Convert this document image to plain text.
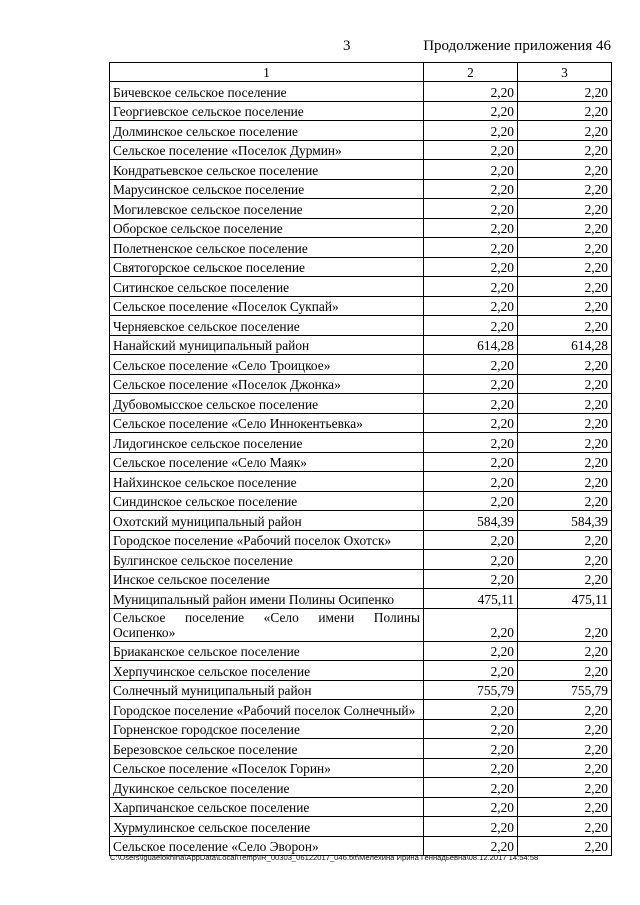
3	Продолжение приложения 46
1	2	3
Бичевское сельское поселение	2,20	2,20
Георгиевское сельское поселение	2,20	2,20
Долминское сельское поселение	2,20	2,20
Сельское поселение «Поселок Дурмин»	2,20	2,20
Кондратьевское сельское поселение	2,20	2,20
Марусинское сельское поселение	2,20	2,20
Могилевское сельское поселение	2,20	2,20
Оборское сельское поселение	2,20	2,20
Полетненское сельское поселение	2,20	2,20
Святогорское сельское поселение	2,20	2,20
Ситинское сельское поселение	2,20	2,20
Сельское поселение «Поселок Сукпай»	2,20	2,20
Черняевское сельское поселение	2,20	2,20
Нанайский муниципальный район	614,28	614,28
Сельское поселение «Село Троицкое»	2,20	2,20
Сельское поселение «Поселок Джонка»	2,20	2,20
Дубовомысское сельское поселение	2,20	2,20
Сельское поселение «Село Иннокентьевка»	2,20	2,20
Лидогинское сельское поселение	2,20	2,20
Сельское поселение «Село Маяк»	2,20	2,20
Найхинское сельское поселение	2,20	2,20
Синдинское сельское поселение	2,20	2,20
Охотский муниципальный район	584,39	584,39
Городское поселение «Рабочий поселок Охотск»	2,20	2,20
Булгинское сельское поселение	2,20	2,20
Инское сельское поселение	2,20	2,20
Муниципальный район имени Полины Осипенко	475,11	475,11
Сельское поселение «Село имени Полины Осипенко»	2,20	2,20
Бриаканское сельское поселение	2,20	2,20
Херпучинское сельское поселение	2,20	2,20
Солнечный муниципальный район	755,79	755,79
Городское поселение «Рабочий поселок Солнечный»	2,20	2,20
Горненское городское поселение	2,20	2,20
Березовское сельское поселение	2,20	2,20
Сельское поселение «Поселок Горин»	2,20	2,20
Дукинское сельское поселение	2,20	2,20
Харпичанское сельское поселение	2,20	2,20
Хурмулинское сельское поселение	2,20	2,20
Сельское поселение «Село Эворон»	2,20	2,20
C:\Users\iguaelokhina\AppData\Local\Temp\IR_00303_06122017_046.txt\Мелехина Ирина Геннадьевна\08.12.2017 14:54:58
